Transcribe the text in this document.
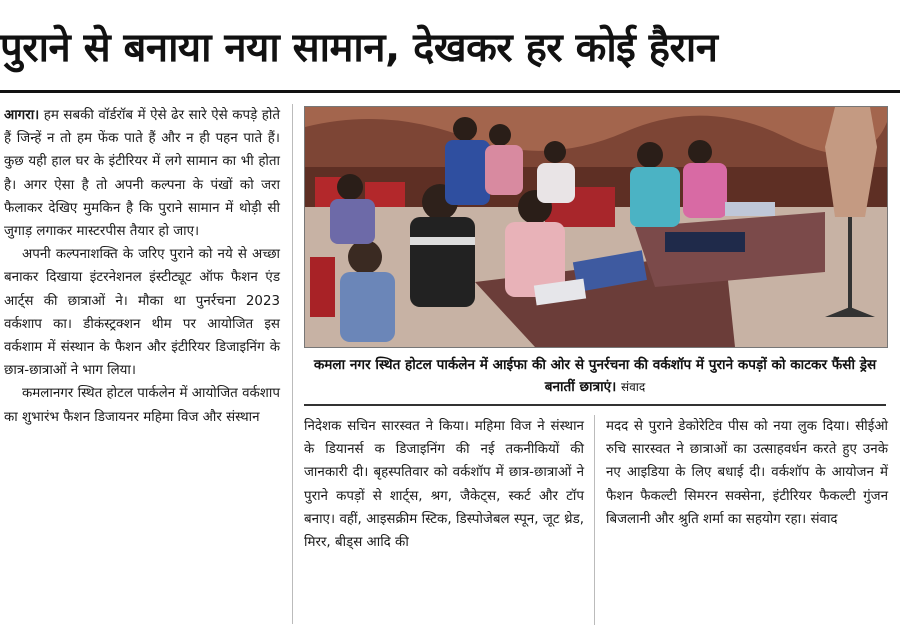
पुराने से बनाया नया सामान, देखकर हर कोई हैरान

आगरा। हम सबकी वॉर्डरॉब में ऐसे ढेर सारे ऐसे कपड़े होते हैं जिन्हें न तो हम फेंक पाते हैं और न ही पहन पाते हैं। कुछ यही हाल घर के इंटीरियर में लगे सामान का भी होता है। अगर ऐसा है तो अपनी कल्पना के पंखों को जरा फैलाकर देखिए मुमकिन है कि पुराने सामान में थोड़ी सी जुगाड़ लगाकर मास्टरपीस तैयार हो जाए।

अपनी कल्पनाशक्ति के जरिए पुराने को नये से अच्छा बनाकर दिखाया इंटरनेशनल इंस्टीट्यूट ऑफ फैशन एंड आर्ट्स की छात्राओं ने। मौका था पुनर्रचना 2023 वर्कशाप का। डीकंस्ट्रक्शन थीम पर आयोजित इस वर्कशाम में संस्थान के फैशन और इंटीरियर डिजाइनिंग के छात्र-छात्राओं ने भाग लिया।

कमलानगर स्थित होटल पार्कलेन में आयोजित वर्कशाप का शुभारंभ फैशन डिजायनर महिमा विज और संस्थान

कमला नगर स्थित होटल पार्कलेन में आईफा की ओर से पुनर्रचना की वर्कशॉप में पुराने कपड़ों को काटकर फैंसी ड्रेस बनातीं छात्राएं। संवाद

निदेशक सचिन सारस्वत ने किया। महिमा विज ने संस्थान के डियानर्स क डिजाइनिंग की नई तकनीकियों की जानकारी दी। बृहस्पतिवार को वर्कशॉप में छात्र-छात्राओं ने पुराने कपड़ों से शार्ट्स, श्रग, जैकेट्स, स्कर्ट और टॉप बनाए। वहीं, आइसक्रीम स्टिक, डिस्पोजेबल स्पून, जूट थ्रेड, मिरर, बीड्स आदि की

मदद से पुराने डेकोरेटिव पीस को नया लुक दिया। सीईओ रुचि सारस्वत ने छात्राओं का उत्साहवर्धन करते हुए उनके नए आइडिया के लिए बधाई दी। वर्कशॉप के आयोजन में फैशन फैकल्टी सिमरन सक्सेना, इंटीरियर फैकल्टी गुंजन बिजलानी और श्रुति शर्मा का सहयोग रहा। संवाद
